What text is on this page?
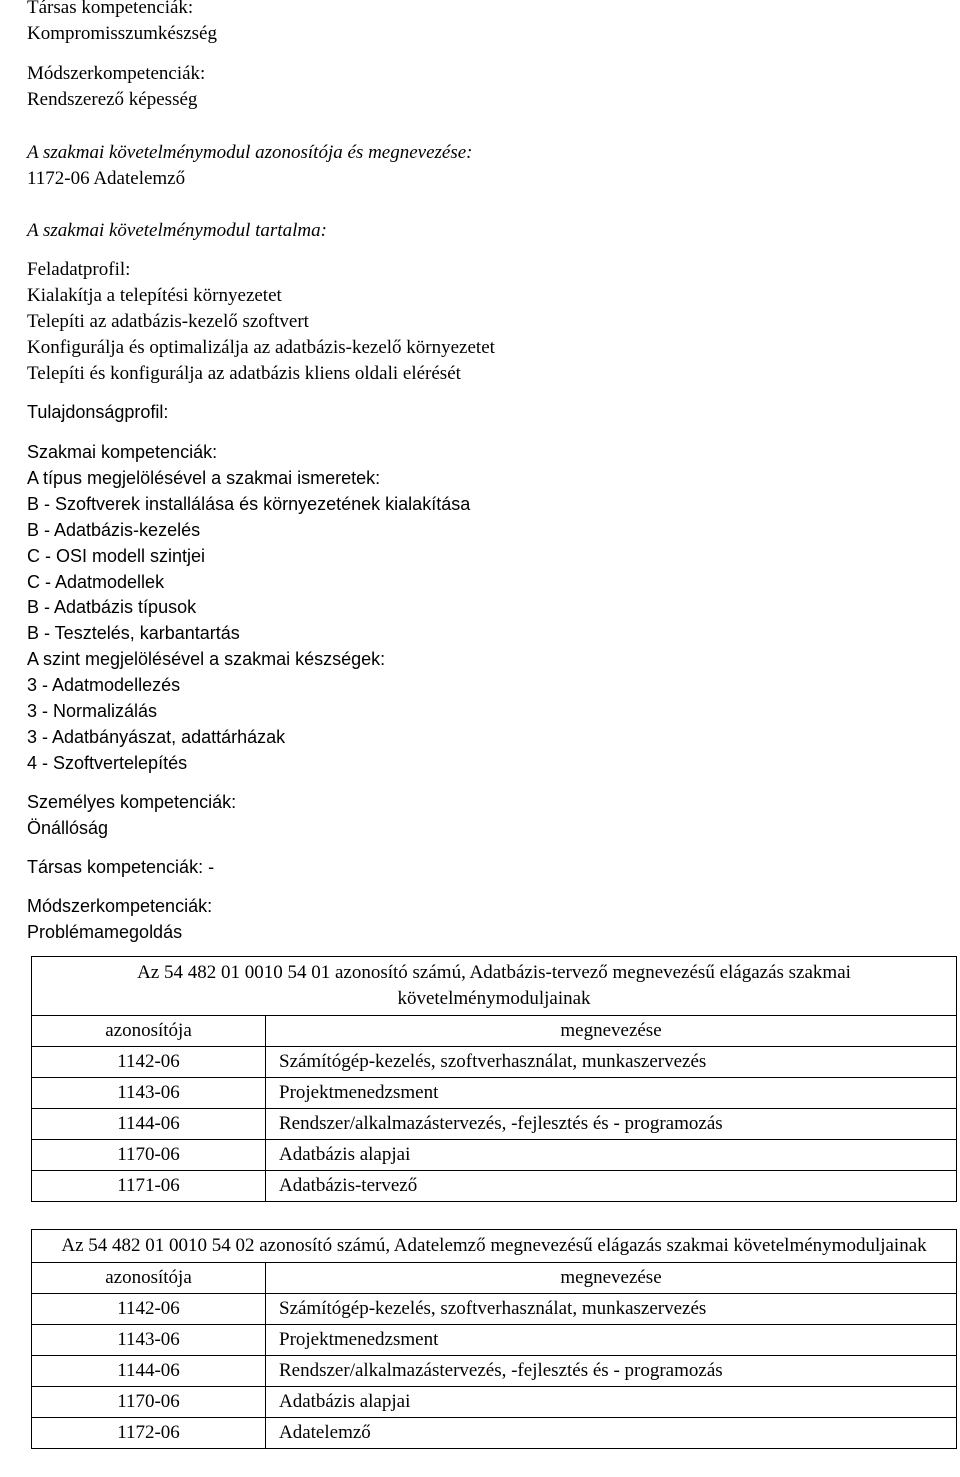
Társas kompetenciák:
Kompromisszumkészség
Módszerkompetenciák:
Rendszerező képesség
A szakmai követelménymodul azonosítója és megnevezése:
1172-06 Adatelemző
A szakmai követelménymodul tartalma:
Feladatprofil:
Kialakítja a telepítési környezetet
Telepíti az adatbázis-kezelő szoftvert
Konfigurálja és optimalizálja az adatbázis-kezelő környezetet
Telepíti és konfigurálja az adatbázis kliens oldali elérését
Tulajdonságprofil:
Szakmai kompetenciák:
A típus megjelölésével a szakmai ismeretek:
B - Szoftverek installálása és környezetének kialakítása
B - Adatbázis-kezelés
C - OSI modell szintjei
C - Adatmodellek
B - Adatbázis típusok
B - Tesztelés, karbantartás
A szint megjelölésével a szakmai készségek:
3 - Adatmodellezés
3 - Normalizálás
3 - Adatbányászat, adattárházak
4 - Szoftvertelepítés
Személyes kompetenciák:
Önállóság
Társas kompetenciák: -
Módszerkompetenciák:
Problémamegoldás
Az 54 482 01 0010 54 01 azonosító számú, Adatbázis-tervező megnevezésű elágazás szakmai követelménymoduljainak	
azonosítója	megnevezése
1142-06	Számítógép-kezelés, szoftverhasználat, munkaszervezés
1143-06	Projektmenedzsment
1144-06	Rendszer/alkalmazástervezés, -fejlesztés és - programozás
1170-06	Adatbázis alapjai
1171-06	Adatbázis-tervező
Az 54 482 01 0010 54 02 azonosító számú, Adatelemző megnevezésű elágazás szakmai követelménymoduljainak	
azonosítója	megnevezése
1142-06	Számítógép-kezelés, szoftverhasználat, munkaszervezés
1143-06	Projektmenedzsment
1144-06	Rendszer/alkalmazástervezés, -fejlesztés és - programozás
1170-06	Adatbázis alapjai
1172-06	Adatelemző
